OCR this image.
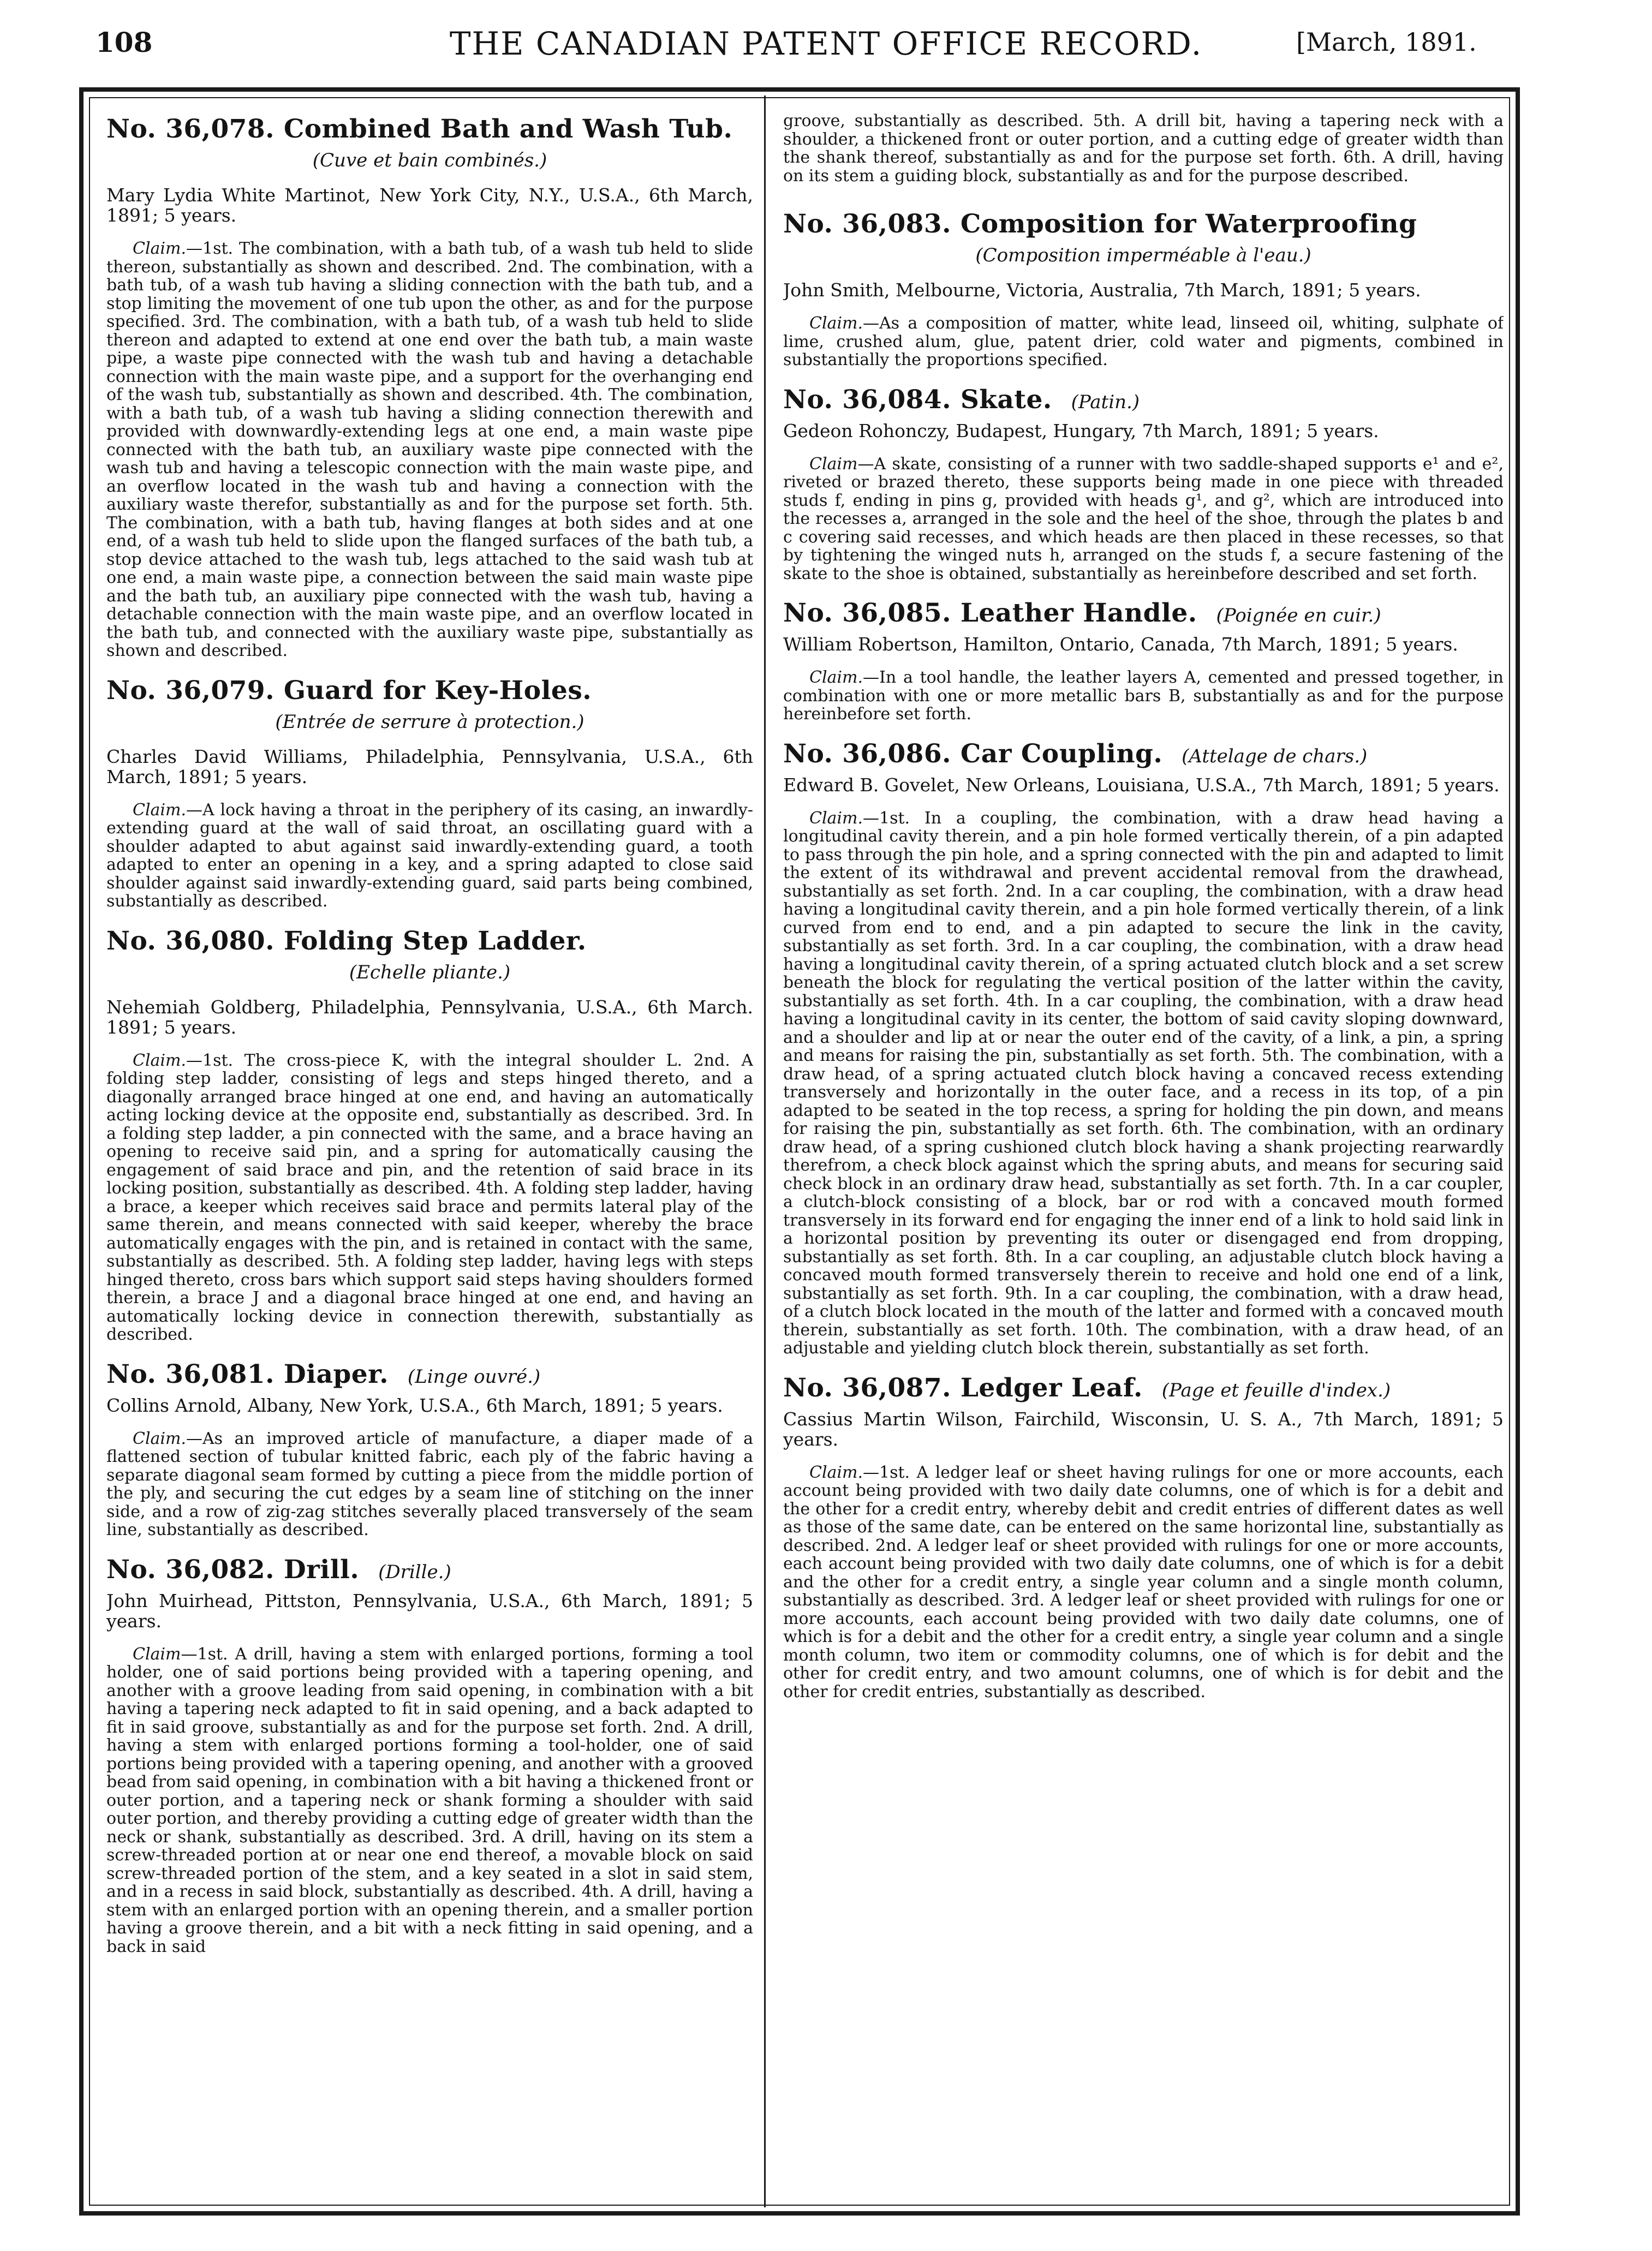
108	THE CANADIAN PATENT OFFICE RECORD.	[March, 1891.
No. 36,078. Combined Bath and Wash Tub.
(Cuve et bain combinés.)

Mary Lydia White Martinot, New York City, N.Y., U.S.A., 6th March, 1891; 5 years.

Claim.—1st. The combination, with a bath tub, of a wash tub held to slide thereon, substantially as shown and described. 2nd. The combination, with a bath tub, of a wash tub having a sliding connection with the bath tub, and a stop limiting the movement of one tub upon the other, as and for the purpose specified. 3rd. The combination, with a bath tub, of a wash tub held to slide thereon and adapted to extend at one end over the bath tub, a main waste pipe, a waste pipe connected with the wash tub and having a detachable connection with the main waste pipe, and a support for the overhanging end of the wash tub, substantially as shown and described. 4th. The combination, with a bath tub, of a wash tub having a sliding connection therewith and provided with downwardly-extending legs at one end, a main waste pipe connected with the bath tub, an auxiliary waste pipe connected with the wash tub and having a telescopic connection with the main waste pipe, and an overflow located in the wash tub and having a connection with the auxiliary waste therefor, substantially as and for the purpose set forth. 5th. The combination, with a bath tub, having flanges at both sides and at one end, of a wash tub held to slide upon the flanged surfaces of the bath tub, a stop device attached to the wash tub, legs attached to the said wash tub at one end, a main waste pipe, a connection between the said main waste pipe and the bath tub, an auxiliary pipe connected with the wash tub, having a detachable connection with the main waste pipe, and an overflow located in the bath tub, and connected with the auxiliary waste pipe, substantially as shown and described.

No. 36,079. Guard for Key-Holes.
(Entrée de serrure à protection.)

Charles David Williams, Philadelphia, Pennsylvania, U.S.A., 6th March, 1891; 5 years.

Claim.—A lock having a throat in the periphery of its casing, an inwardly-extending guard at the wall of said throat, an oscillating guard with a shoulder adapted to abut against said inwardly-extending guard, a tooth adapted to enter an opening in a key, and a spring adapted to close said shoulder against said inwardly-extending guard, said parts being combined, substantially as described.

No. 36,080. Folding Step Ladder.
(Echelle pliante.)

Nehemiah Goldberg, Philadelphia, Pennsylvania, U.S.A., 6th March. 1891; 5 years.

Claim.—1st. The cross-piece K, with the integral shoulder L. 2nd. A folding step ladder, consisting of legs and steps hinged thereto, and a diagonally arranged brace hinged at one end, and having an automatically acting locking device at the opposite end, substantially as described. 3rd. In a folding step ladder, a pin connected with the same, and a brace having an opening to receive said pin, and a spring for automatically causing the engagement of said brace and pin, and the retention of said brace in its locking position, substantially as described. 4th. A folding step ladder, having a brace, a keeper which receives said brace and permits lateral play of the same therein, and means connected with said keeper, whereby the brace automatically engages with the pin, and is retained in contact with the same, substantially as described. 5th. A folding step ladder, having legs with steps hinged thereto, cross bars which support said steps having shoulders formed therein, a brace J and a diagonal brace hinged at one end, and having an automatically locking device in connection therewith, substantially as described.

No. 36,081. Diaper. (Linge ouvré.)

Collins Arnold, Albany, New York, U.S.A., 6th March, 1891; 5 years.

Claim.—As an improved article of manufacture, a diaper made of a flattened section of tubular knitted fabric, each ply of the fabric having a separate diagonal seam formed by cutting a piece from the middle portion of the ply, and securing the cut edges by a seam line of stitching on the inner side, and a row of zig-zag stitches severally placed transversely of the seam line, substantially as described.

No. 36,082. Drill. (Drille.)

John Muirhead, Pittston, Pennsylvania, U.S.A., 6th March, 1891; 5 years.

Claim—1st. A drill, having a stem with enlarged portions, forming a tool holder, one of said portions being provided with a tapering opening, and another with a groove leading from said opening, in combination with a bit having a tapering neck adapted to fit in said opening, and a back adapted to fit in said groove, substantially as and for the purpose set forth. 2nd. A drill, having a stem with enlarged portions forming a tool-holder, one of said portions being provided with a tapering opening, and another with a grooved bead from said opening, in combination with a bit having a thickened front or outer portion, and a tapering neck or shank forming a shoulder with said outer portion, and thereby providing a cutting edge of greater width than the neck or shank, substantially as described. 3rd. A drill, having on its stem a screw-threaded portion at or near one end thereof, a movable block on said screw-threaded portion of the stem, and a key seated in a slot in said stem, and in a recess in said block, substantially as described. 4th. A drill, having a stem with an enlarged portion with an opening therein, and a smaller portion having a groove therein, and a bit with a neck fitting in said opening, and a back in said

groove, substantially as described. 5th. A drill bit, having a tapering neck with a shoulder, a thickened front or outer portion, and a cutting edge of greater width than the shank thereof, substantially as and for the purpose set forth. 6th. A drill, having on its stem a guiding block, substantially as and for the purpose described.

No. 36,083. Composition for Waterproofing
(Composition imperméable à l'eau.)

John Smith, Melbourne, Victoria, Australia, 7th March, 1891; 5 years.

Claim.—As a composition of matter, white lead, linseed oil, whiting, sulphate of lime, crushed alum, glue, patent drier, cold water and pigments, combined in substantially the proportions specified.

No. 36,084. Skate. (Patin.)

Gedeon Rohonczy, Budapest, Hungary, 7th March, 1891; 5 years.

Claim—A skate, consisting of a runner with two saddle-shaped supports e¹ and e², riveted or brazed thereto, these supports being made in one piece with threaded studs f, ending in pins g, provided with heads g¹, and g², which are introduced into the recesses a, arranged in the sole and the heel of the shoe, through the plates b and c covering said recesses, and which heads are then placed in these recesses, so that by tightening the winged nuts h, arranged on the studs f, a secure fastening of the skate to the shoe is obtained, substantially as hereinbefore described and set forth.

No. 36,085. Leather Handle. (Poignée en cuir.)

William Robertson, Hamilton, Ontario, Canada, 7th March, 1891; 5 years.

Claim.—In a tool handle, the leather layers A, cemented and pressed together, in combination with one or more metallic bars B, substantially as and for the purpose hereinbefore set forth.

No. 36,086. Car Coupling. (Attelage de chars.)

Edward B. Govelet, New Orleans, Louisiana, U.S.A., 7th March, 1891; 5 years.

Claim.—1st. In a coupling, the combination, with a draw head having a longitudinal cavity therein, and a pin hole formed vertically therein, of a pin adapted to pass through the pin hole, and a spring connected with the pin and adapted to limit the extent of its withdrawal and prevent accidental removal from the drawhead, substantially as set forth. 2nd. In a car coupling, the combination, with a draw head having a longitudinal cavity therein, and a pin hole formed vertically therein, of a link curved from end to end, and a pin adapted to secure the link in the cavity, substantially as set forth. 3rd. In a car coupling, the combination, with a draw head having a longitudinal cavity therein, of a spring actuated clutch block and a set screw beneath the block for regulating the vertical position of the latter within the cavity, substantially as set forth. 4th. In a car coupling, the combination, with a draw head having a longitudinal cavity in its center, the bottom of said cavity sloping downward, and a shoulder and lip at or near the outer end of the cavity, of a link, a pin, a spring and means for raising the pin, substantially as set forth. 5th. The combination, with a draw head, of a spring actuated clutch block having a concaved recess extending transversely and horizontally in the outer face, and a recess in its top, of a pin adapted to be seated in the top recess, a spring for holding the pin down, and means for raising the pin, substantially as set forth. 6th. The combination, with an ordinary draw head, of a spring cushioned clutch block having a shank projecting rearwardly therefrom, a check block against which the spring abuts, and means for securing said check block in an ordinary draw head, substantially as set forth. 7th. In a car coupler, a clutch-block consisting of a block, bar or rod with a concaved mouth formed transversely in its forward end for engaging the inner end of a link to hold said link in a horizontal position by preventing its outer or disengaged end from dropping, substantially as set forth. 8th. In a car coupling, an adjustable clutch block having a concaved mouth formed transversely therein to receive and hold one end of a link, substantially as set forth. 9th. In a car coupling, the combination, with a draw head, of a clutch block located in the mouth of the latter and formed with a concaved mouth therein, substantially as set forth. 10th. The combination, with a draw head, of an adjustable and yielding clutch block therein, substantially as set forth.

No. 36,087. Ledger Leaf. (Page et feuille d'index.)

Cassius Martin Wilson, Fairchild, Wisconsin, U. S. A., 7th March, 1891; 5 years.

Claim.—1st. A ledger leaf or sheet having rulings for one or more accounts, each account being provided with two daily date columns, one of which is for a debit and the other for a credit entry, whereby debit and credit entries of different dates as well as those of the same date, can be entered on the same horizontal line, substantially as described. 2nd. A ledger leaf or sheet provided with rulings for one or more accounts, each account being provided with two daily date columns, one of which is for a debit and the other for a credit entry, a single year column and a single month column, substantially as described. 3rd. A ledger leaf or sheet provided with rulings for one or more accounts, each account being provided with two daily date columns, one of which is for a debit and the other for a credit entry, a single year column and a single month column, two item or commodity columns, one of which is for debit and the other for credit entry, and two amount columns, one of which is for debit and the other for credit entries, substantially as described.
